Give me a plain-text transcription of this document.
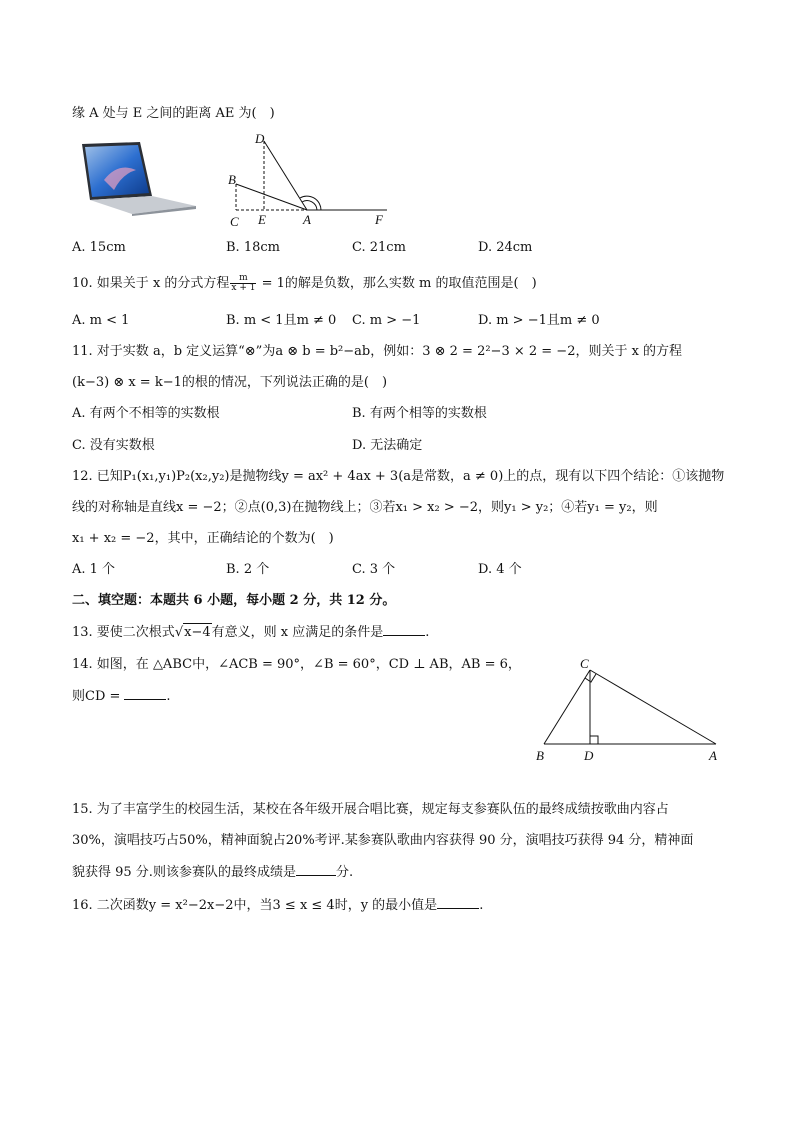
缘 A 处与 E 之间的距离 AE 为(　)
D
B
C E	A	F
A. 15cm	B. 18cm	C. 21cm	D. 24cm
10. 如果关于 x 的分式方程 $\frac{m}{x + 1} = 1$的解是负数，那么实数 m 的取值范围是(　)
A. m < 1	B. m < 1且m ≠ 0 C. m > −1	D. m > −1且m ≠ 0
11. 对于实数 a，b 定义运算“⊗”为a ⊗ b = b²−ab，例如：3 ⊗ 2 = 2²−3 × 2 = −2，则关于 x 的方程
(k−3) ⊗ x = k−1的根的情况，下列说法正确的是(　)
A. 有两个不相等的实数根	B. 有两个相等的实数根
C. 没有实数根	D. 无法确定
12. 已知P₁(x₁,y₁)P₂(x₂,y₂)是抛物线y = ax² + 4ax + 3(a是常数，a ≠ 0)上的点，现有以下四个结论：①该抛物
线的对称轴是直线x = −2；②点(0,3)在抛物线上；③若x₁ > x₂ > −2，则y₁ > y₂；④若y₁ = y₂，则
x₁ + x₂ = −2，其中，正确结论的个数为(　)
A. 1 个	B. 2 个	C. 3 个	D. 4 个
二、填空题：本题共 6 小题，每小题 2 分，共 12 分。
13. 要使二次根式√x−4有意义，则 x 应满足的条件是	.
14. 如图，在 △ABC中，∠ACB = 90°，∠B = 60°，CD ⊥ AB，AB = 6，
则CD =	.
C
B	D	A
15. 为了丰富学生的校园生活，某校在各年级开展合唱比赛，规定每支参赛队伍的最终成绩按歌曲内容占
30%，演唱技巧占50%，精神面貌占20%考评.某参赛队歌曲内容获得 90 分，演唱技巧获得 94 分，精神面
貌获得 95 分.则该参赛队的最终成绩是	分.
16. 二次函数y = x²−2x−2中，当3 ≤ x ≤ 4时，y 的最小值是	.
